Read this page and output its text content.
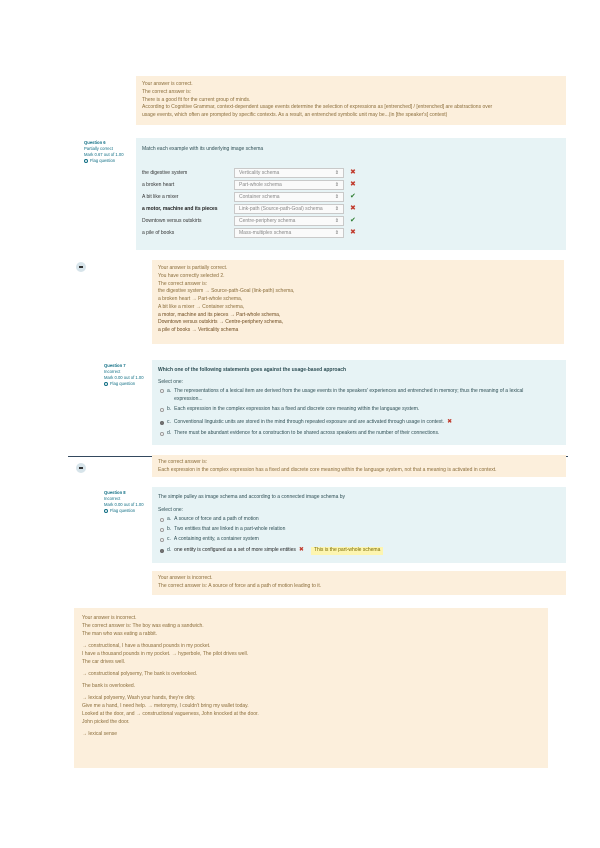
Your answer is correct.

The correct answer is:

There is a good fit for the current group of minds.

According to Cognitive Grammar, context-dependent usage events determine the selection of expressions as [entrenched] / [entrenched] are abstractions over

usage events, which often are prompted by specific contexts. As a result, an entrenched symbolic unit may be...(in [the speaker's] context)

Question 6
Partially correct
Mark 0.67 out of 1.00
Flag question
Match each example with its underlying image schema
the digestive system	Verticality schema	⇕ ✖
a broken heart	Part-whole schema	⇕ ✖
A bit like a mixer	Container schema	⇕ ✔
a motor, machine and its pieces	Link-path (Source-path-Goal) schema ⇕ ✖
Downtown versus outskirts	Centre-periphery schema	⇕ ✔
a pile of books	Mass-multiplex schema	⇕ ✖

Your answer is partially correct.

You have correctly selected 2.

The correct answer is:

the digestive system → Source-path-Goal (link-path) schema,

a broken heart → Part-whole schema,

A bit like a mixer → Container schema,

a motor, machine and its pieces → Part-whole schema,

Downtown versus outskirts → Centre-periphery schema,

a pile of books → Verticality schema

Question 7
Incorrect
Mark 0.00 out of 1.00
Flag question
Which one of the following statements goes against the usage-based approach
Select one:
a. The representations of a lexical item are derived from the usage events in the speakers' experiences and entrenched in memory; thus the meaning of a lexical
expression...
b. Each expression in the complex expression has a fixed and discrete core meaning within the language system.
c. Conventional linguistic units are stored in the mind through repeated exposure and are activated through usage in context. ✖
d. There must be abundant evidence for a construction to be shared across speakers and the number of their connections.

The correct answer is:

Each expression in the complex expression has a fixed and discrete core meaning within the language system, not that a meaning is activated in context.

Question 8
Incorrect
Mark 0.00 out of 1.00
Flag question
The simple pulley as image schema and according to a connected image schema by
Select one:
a. A source of force and a path of motion
b. Two entities that are linked in a part-whole relation
c. A containing entity, a container system
d. one entity is configured as a set of more simple entities ✖	This is the part-whole schema

Your answer is incorrect.

The correct answer is: A source of force and a path of motion leading to it.

Your answer is incorrect.

The correct answer is: The boy was eating a sandwich.

The man who was eating a rabbit.

→ constructional, I have a thousand pounds in my pocket.

I have a thousand pounds in my pocket. → hyperbole, The pilot drives well.

The car drives well.

→ constructional polysemy, The bank is overlooked.

The bank is overlooked.

→ lexical polysemy, Wash your hands, they're dirty.

Give me a hand, I need help. → metonymy, I couldn't bring my wallet today.

Looked at the door, and → constructional vagueness, John knocked at the door.

John picked the door.

→ lexical sense
